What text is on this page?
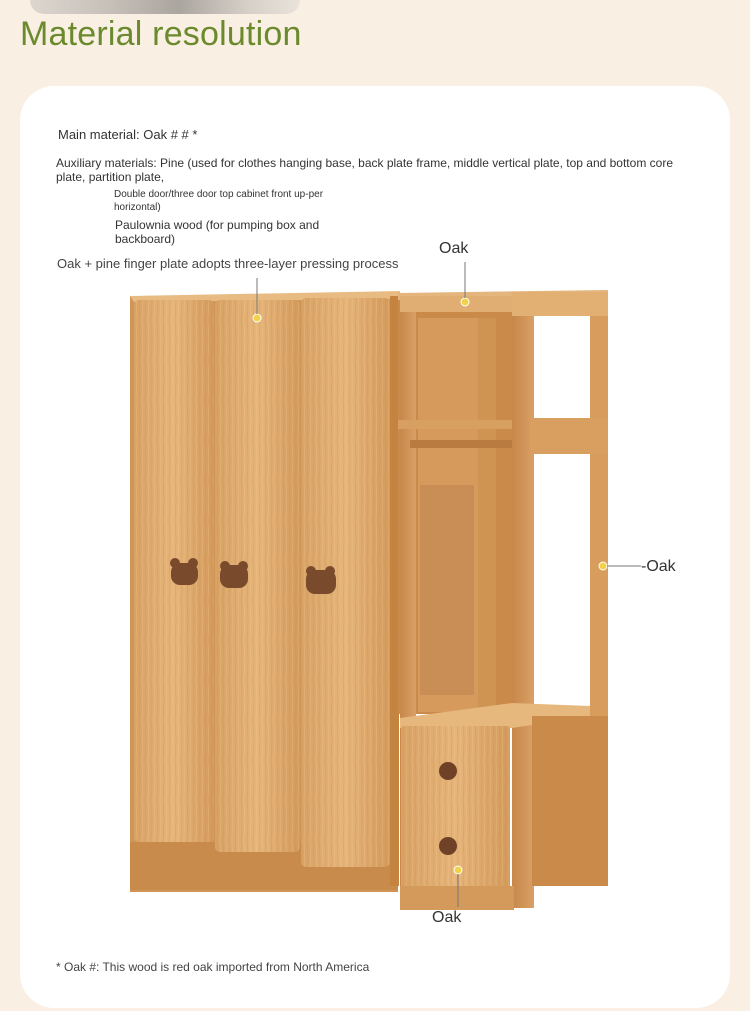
Material resolution
Main material: Oak # # *
Auxiliary materials: Pine (used for clothes hanging base, back plate frame, middle vertical plate, top and bottom core plate, partition plate,
Double door/three door top cabinet front up-per horizontal)
Paulownia wood (for pumping box and backboard)
Oak + pine finger plate adopts three-layer pressing process
Oak
-Oak
Oak
* Oak #: This wood is red oak imported from North America
